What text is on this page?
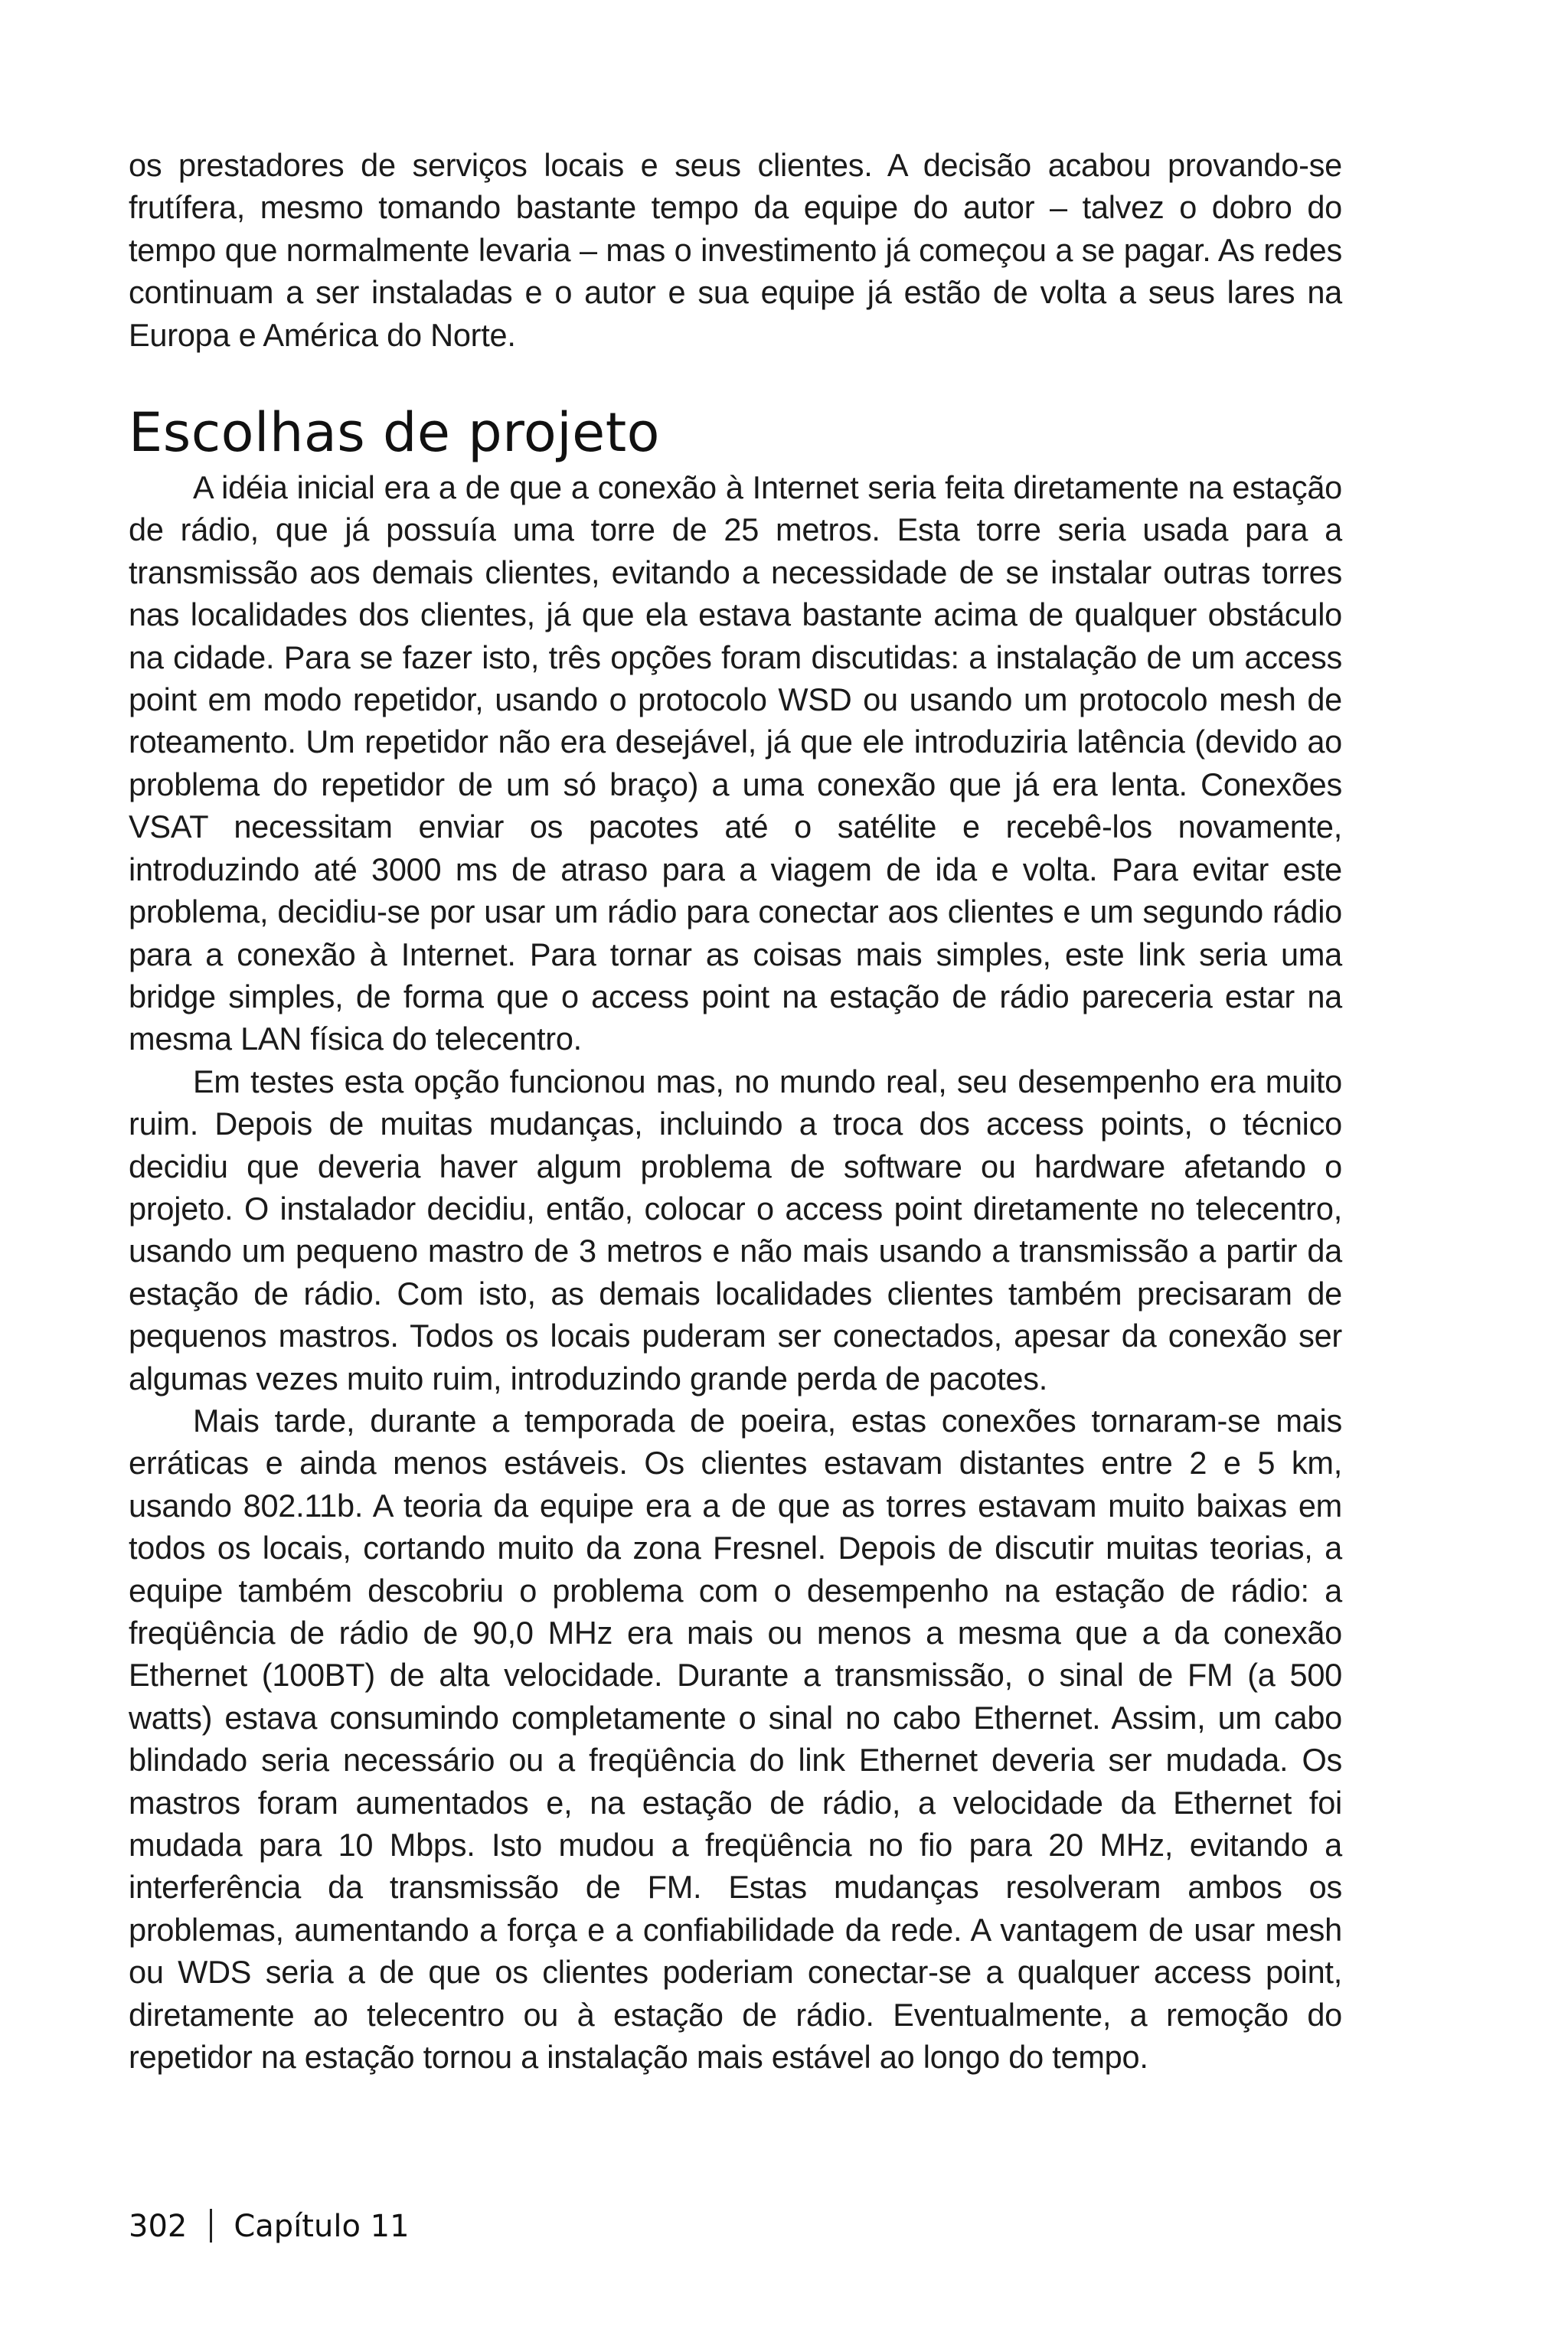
os prestadores de serviços locais e seus clientes. A decisão acabou provando-se frutífera, mesmo tomando bastante tempo da equipe do autor – talvez o dobro do tempo que normalmente levaria – mas o investimento já começou a se pagar. As redes continuam a ser instaladas e o autor e sua equipe já estão de volta a seus lares na Europa e América do Norte.

Escolhas de projeto

A idéia inicial era a de que a conexão à Internet seria feita diretamente na estação de rádio, que já possuía uma torre de 25 metros. Esta torre seria usada para a transmissão aos demais clientes, evitando a necessidade de se instalar outras torres nas localidades dos clientes, já que ela estava bastante acima de qualquer obstáculo na cidade. Para se fazer isto, três opções foram discutidas: a instalação de um access point em modo repetidor, usando o protocolo WSD ou usando um protocolo mesh de roteamento. Um repetidor não era desejável, já que ele introduziria latência (devido ao problema do repetidor de um só braço) a uma conexão que já era lenta. Conexões VSAT necessitam enviar os pacotes até o satélite e recebê-los novamente, introduzindo até 3000 ms de atraso para a viagem de ida e volta. Para evitar este problema, decidiu-se por usar um rádio para conectar aos clientes e um segundo rádio para a conexão à Internet. Para tornar as coisas mais simples, este link seria uma bridge simples, de forma que o access point na estação de rádio pareceria estar na mesma LAN física do telecentro.

Em testes esta opção funcionou mas, no mundo real, seu desempenho era muito ruim. Depois de muitas mudanças, incluindo a troca dos access points, o técnico decidiu que deveria haver algum problema de software ou hardware afetando o projeto. O instalador decidiu, então, colocar o access point diretamente no telecentro, usando um pequeno mastro de 3 metros e não mais usando a transmissão a partir da estação de rádio. Com isto, as demais localidades clientes também precisaram de pequenos mastros. Todos os locais puderam ser conectados, apesar da conexão ser algumas vezes muito ruim, introduzindo grande perda de pacotes.

Mais tarde, durante a temporada de poeira, estas conexões tornaram-se mais erráticas e ainda menos estáveis. Os clientes estavam distantes entre 2 e 5 km, usando 802.11b. A teoria da equipe era a de que as torres estavam muito baixas em todos os locais, cortando muito da zona Fresnel. Depois de discutir muitas teorias, a equipe também descobriu o problema com o desempenho na estação de rádio: a freqüência de rádio de 90,0 MHz era mais ou menos a mesma que a da conexão Ethernet (100BT) de alta velocidade. Durante a transmissão, o sinal de FM (a 500 watts) estava consumindo completamente o sinal no cabo Ethernet. Assim, um cabo blindado seria necessário ou a freqüência do link Ethernet deveria ser mudada. Os mastros foram aumentados e, na estação de rádio, a velocidade da Ethernet foi mudada para 10 Mbps. Isto mudou a freqüência no fio para 20 MHz, evitando a interferência da transmissão de FM. Estas mudanças resolveram ambos os problemas, aumentando a força e a confiabilidade da rede. A vantagem de usar mesh ou WDS seria a de que os clientes poderiam conectar-se a qualquer access point, diretamente ao telecentro ou à estação de rádio. Eventualmente, a remoção do repetidor na estação tornou a instalação mais estável ao longo do tempo.

302 Capítulo 11
